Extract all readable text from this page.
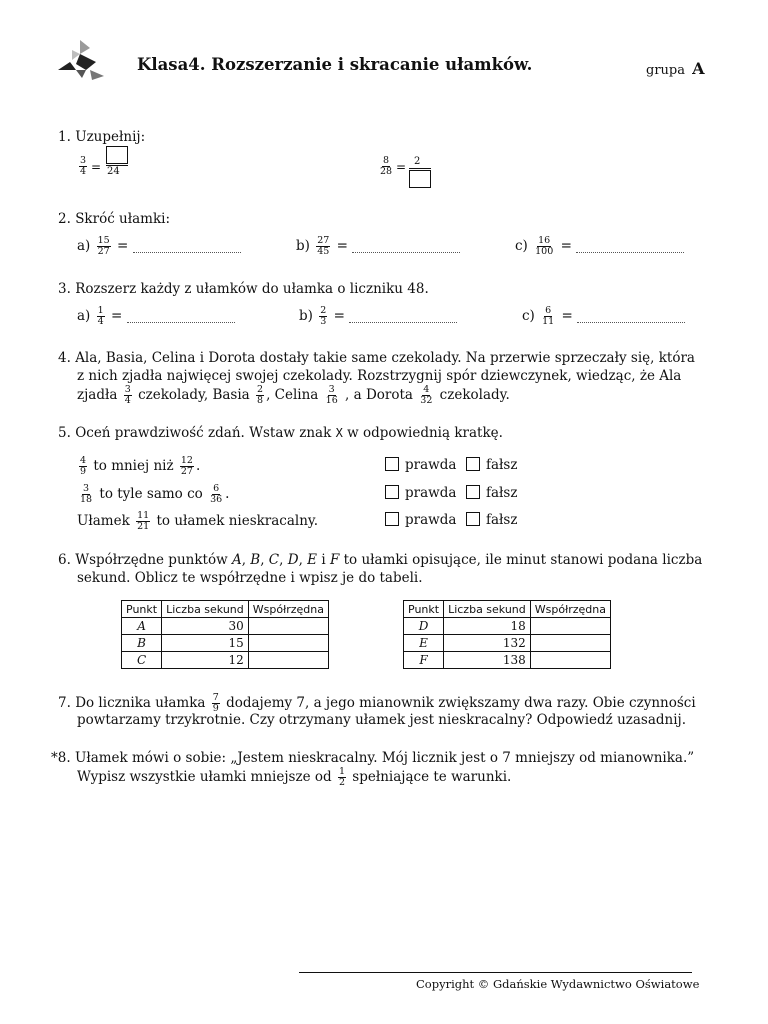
Klasa4. Rozszerzanie i skracanie ułamków.	grupa A
1. Uzupełnij:
$\frac{3}{4} = 24$	$\frac{8}{28} = 2$
2. Skróć ułamki:
$a) \frac{15}{27}$ =	$b) \frac{27}{45}$ =	$c) \frac{16}{100}$ =
3. Rozszerz każdy z ułamków do ułamka o liczniku 48.
$a) \frac{1}{4}$ =	$b) \frac{2}{3}$ =	$c) \frac{6}{11}$ =
4. Ala, Basia, Celina i Dorota dostały takie same czekolady. Na przerwie sprzeczały się, która
z nich zjadła najwięcej swojej czekolady. Rozstrzygnij spór dziewczynek, wiedząc, że Ala
zjadła $\frac{3}{4}$ czekolady, Basia $\frac{2}{8}$ , Celina $\frac{3}{16}$ , a Dorota $\frac{4}{32}$ czekolady.
5. Oceń prawdziwość zdań. Wstaw znak X w odpowiednią kratkę.
$\frac{4}{9}$ to mniej niż $\frac{12}{27}$ .
$\frac{3}{18}$ to tyle samo co $\frac{6}{36}$ .
Ułamek $\frac{11}{21}$ to ułamek nieskracalny.
prawda	fałsz
prawda	fałsz
prawda	fałsz
6. Współrzędne punktów A, B, C, D, E i F to ułamki opisujące, ile minut stanowi podana liczba
sekund. Oblicz te współrzędne i wpisz je do tabeli.
Punkt	Liczba sekund	Współrzędna
A	30	
B	15	
C	12	
Punkt	Liczba sekund	Współrzędna
D	18	
E	132	
F	138	
7. Do licznika ułamka $\frac{7}{9}$ dodajemy 7, a jego mianownik zwiększamy dwa razy. Obie czynności
powtarzamy trzykrotnie. Czy otrzymany ułamek jest nieskracalny? Odpowiedź uzasadnij.
*8. Ułamek mówi o sobie: „Jestem nieskracalny. Mój licznik jest o 7 mniejszy od mianownika.”
Wypisz wszystkie ułamki mniejsze od $\frac{1}{2}$ spełniające te warunki.
Copyright © Gdańskie Wydawnictwo Oświatowe
